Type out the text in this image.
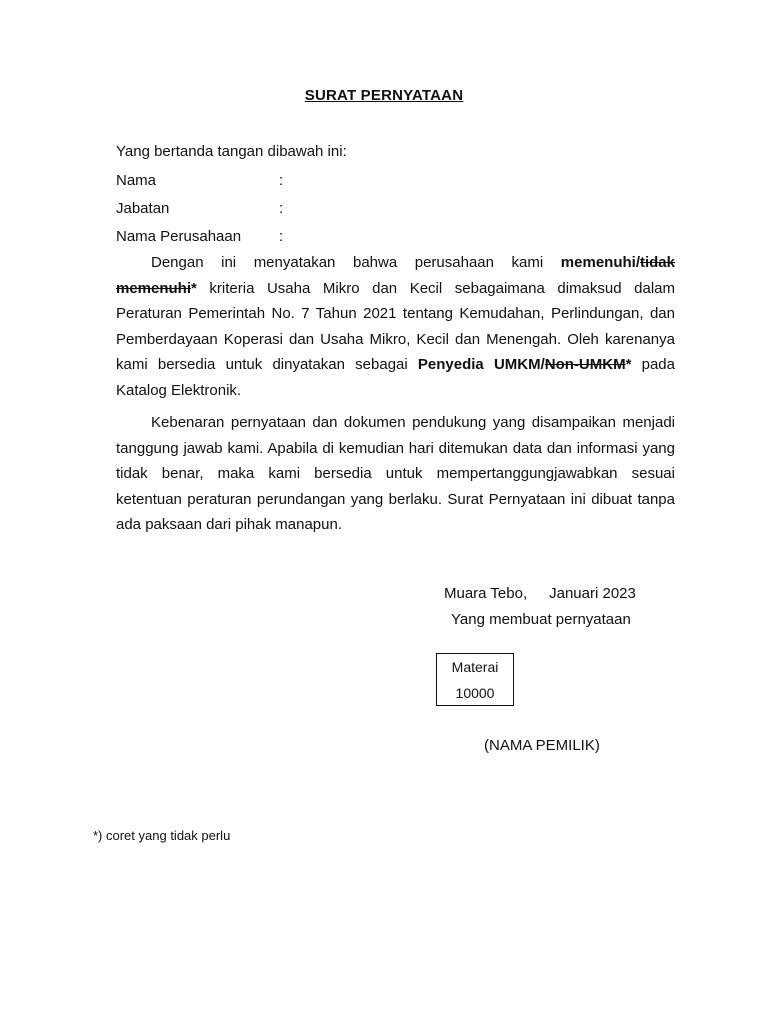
SURAT PERNYATAAN
Yang bertanda tangan dibawah ini:
Nama	:
Jabatan	:
Nama Perusahaan	:

Dengan ini menyatakan bahwa perusahaan kami memenuhi/tidak memenuhi* kriteria Usaha Mikro dan Kecil sebagaimana dimaksud dalam Peraturan Pemerintah No. 7 Tahun 2021 tentang Kemudahan, Perlindungan, dan Pemberdayaan Koperasi dan Usaha Mikro, Kecil dan Menengah. Oleh karenanya kami bersedia untuk dinyatakan sebagai Penyedia UMKM/Non-UMKM* pada Katalog Elektronik.

Kebenaran pernyataan dan dokumen pendukung yang disampaikan menjadi tanggung jawab kami. Apabila di kemudian hari ditemukan data dan informasi yang tidak benar, maka kami bersedia untuk mempertanggungjawabkan sesuai ketentuan peraturan perundangan yang berlaku. Surat Pernyataan ini dibuat tanpa ada paksaan dari pihak manapun.

Muara Tebo, Januari 2023
Yang membuat pernyataan
Materai
10000
(NAMA PEMILIK)
*) coret yang tidak perlu
